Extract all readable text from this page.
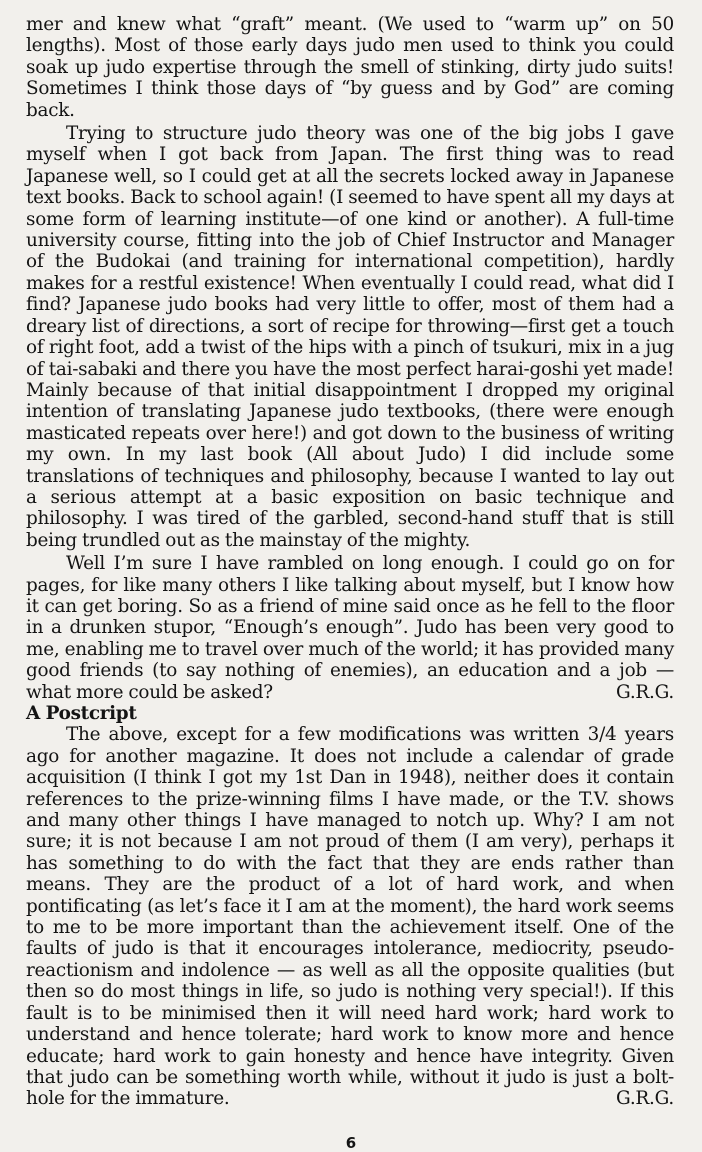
mer and knew what “graft” meant. (We used to “warm up” on 50 lengths). Most of those early days judo men used to think you could soak up judo expertise through the smell of stinking, dirty judo suits! Sometimes I think those days of “by guess and by God” are coming back.

Trying to structure judo theory was one of the big jobs I gave myself when I got back from Japan. The first thing was to read Japanese well, so I could get at all the secrets locked away in Japanese text books. Back to school again! (I seemed to have spent all my days at some form of learning institute—of one kind or another). A full-time university course, fitting into the job of Chief Instructor and Manager of the Budokai (and training for international competition), hardly makes for a restful existence! When eventually I could read, what did I find? Japanese judo books had very little to offer, most of them had a dreary list of directions, a sort of recipe for throwing—first get a touch of right foot, add a twist of the hips with a pinch of tsukuri, mix in a jug of tai-sabaki and there you have the most perfect harai-goshi yet made! Mainly because of that initial disappointment I dropped my original intention of translating Japanese judo textbooks, (there were enough masticated repeats over here!) and got down to the business of writing my own. In my last book (All about Judo) I did include some translations of techniques and philosophy, because I wanted to lay out a serious attempt at a basic exposition on basic technique and philosophy. I was tired of the garbled, second-hand stuff that is still being trundled out as the mainstay of the mighty.

Well I’m sure I have rambled on long enough. I could go on for pages, for like many others I like talking about myself, but I know how it can get boring. So as a friend of mine said once as he fell to the floor in a drunken stupor, “Enough’s enough”. Judo has been very good to me, enabling me to travel over much of the world; it has provided many good friends (to say nothing of enemies), an education and a job — what more could be asked?	G.R.G.

A Postcript

The above, except for a few modifications was written 3/4 years ago for another magazine. It does not include a calendar of grade acquisition (I think I got my 1st Dan in 1948), neither does it contain references to the prize-winning films I have made, or the T.V. shows and many other things I have managed to notch up. Why? I am not sure; it is not because I am not proud of them (I am very), perhaps it has something to do with the fact that they are ends rather than means. They are the product of a lot of hard work, and when pontificating (as let’s face it I am at the moment), the hard work seems to me to be more important than the achievement itself. One of the faults of judo is that it encourages intolerance, mediocrity, pseudo-reactionism and indolence — as well as all the opposite qualities (but then so do most things in life, so judo is nothing very special!). If this fault is to be minimised then it will need hard work; hard work to understand and hence tolerate; hard work to know more and hence educate; hard work to gain honesty and hence have integrity. Given that judo can be something worth while, without it judo is just a bolt-hole for the immature.	G.R.G.

6
